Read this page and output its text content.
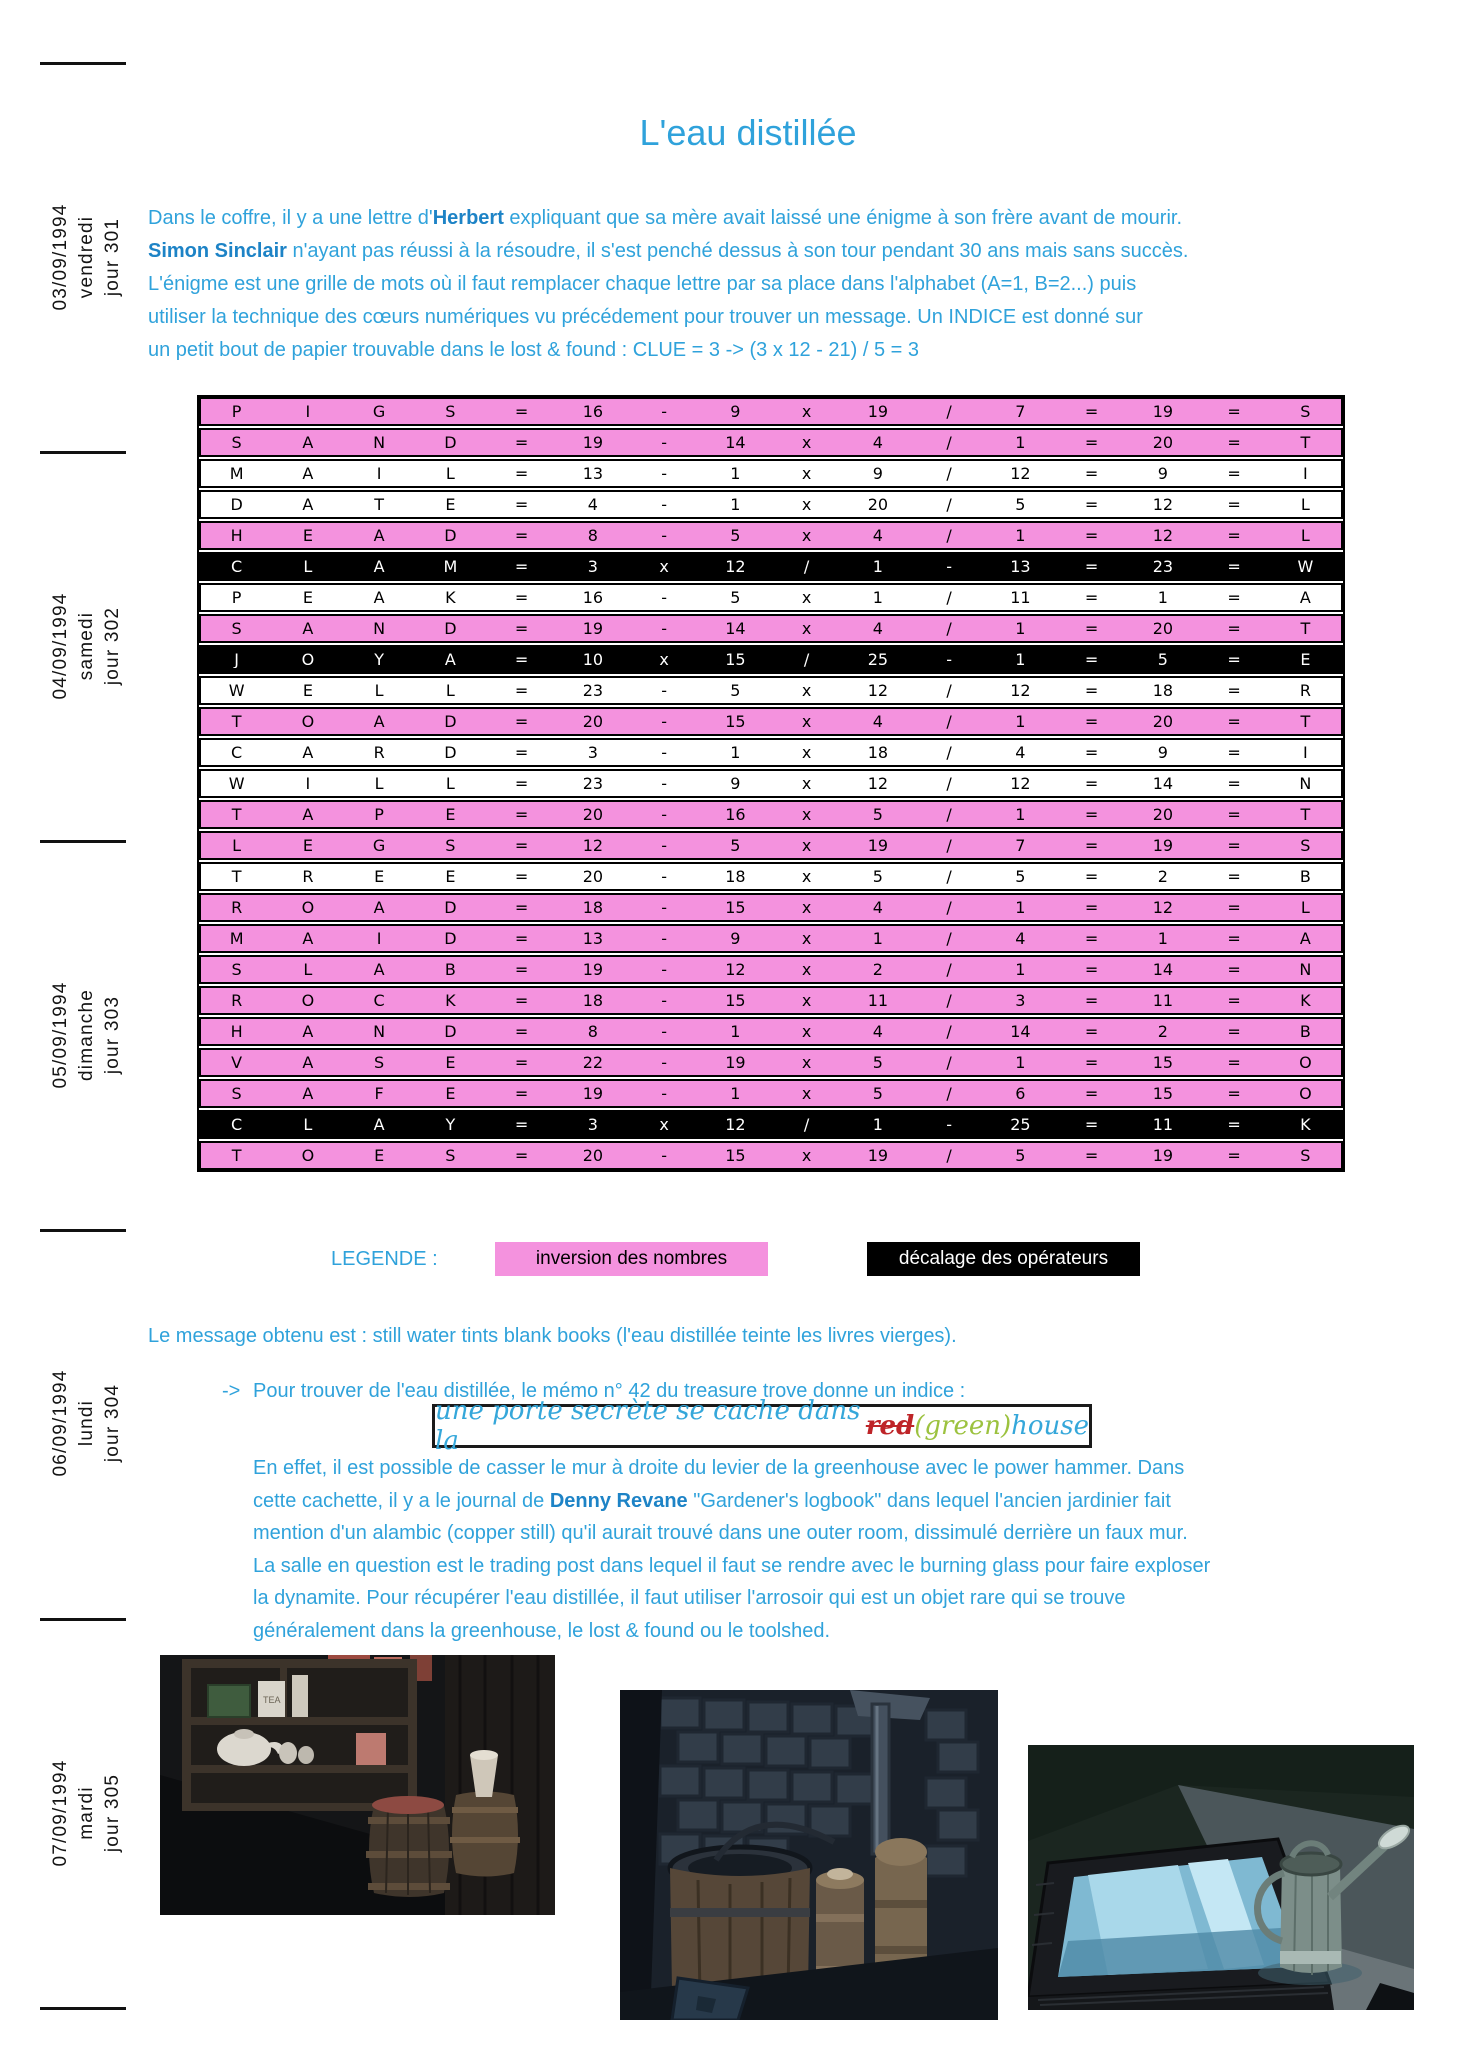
03/09/1994 vendredi jour 301
04/09/1994 samedi jour 302
05/09/1994 dimanche jour 303
06/09/1994 lundi jour 304
07/09/1994 mardi jour 305
L'eau distillée
Dans le coffre, il y a une lettre d'Herbert expliquant que sa mère avait laissé une énigme à son frère avant de mourir.
Simon Sinclair n'ayant pas réussi à la résoudre, il s'est penché dessus à son tour pendant 30 ans mais sans succès.
L'énigme est une grille de mots où il faut remplacer chaque lettre par sa place dans l'alphabet (A=1, B=2...) puis
utiliser la technique des cœurs numériques vu précédement pour trouver un message. Un INDICE est donné sur
un petit bout de papier trouvable dans le lost & found : CLUE = 3 -> (3 x 12 - 21) / 5 = 3
P	I	G	S	=	16	-	9	x	19	/	7	=	19	=	S
S	A	N	D	=	19	-	14	x	4	/	1	=	20	=	T
M	A	I	L	=	13	-	1	x	9	/	12	=	9	=	I
D	A	T	E	=	4	-	1	x	20	/	5	=	12	=	L
H	E	A	D	=	8	-	5	x	4	/	1	=	12	=	L
C	L	A	M	=	3	x	12	/	1	-	13	=	23	=	W
P	E	A	K	=	16	-	5	x	1	/	11	=	1	=	A
S	A	N	D	=	19	-	14	x	4	/	1	=	20	=	T
J	O	Y	A	=	10	x	15	/	25	-	1	=	5	=	E
W	E	L	L	=	23	-	5	x	12	/	12	=	18	=	R
T	O	A	D	=	20	-	15	x	4	/	1	=	20	=	T
C	A	R	D	=	3	-	1	x	18	/	4	=	9	=	I
W	I	L	L	=	23	-	9	x	12	/	12	=	14	=	N
T	A	P	E	=	20	-	16	x	5	/	1	=	20	=	T
L	E	G	S	=	12	-	5	x	19	/	7	=	19	=	S
T	R	E	E	=	20	-	18	x	5	/	5	=	2	=	B
R	O	A	D	=	18	-	15	x	4	/	1	=	12	=	L
M	A	I	D	=	13	-	9	x	1	/	4	=	1	=	A
S	L	A	B	=	19	-	12	x	2	/	1	=	14	=	N
R	O	C	K	=	18	-	15	x	11	/	3	=	11	=	K
H	A	N	D	=	8	-	1	x	4	/	14	=	2	=	B
V	A	S	E	=	22	-	19	x	5	/	1	=	15	=	O
S	A	F	E	=	19	-	1	x	5	/	6	=	15	=	O
C	L	A	Y	=	3	x	12	/	1	-	25	=	11	=	K
T	O	E	S	=	20	-	15	x	19	/	5	=	19	=	S
LEGENDE :	inversion des nombres	décalage des opérateurs
Le message obtenu est : still water tints blank books (l'eau distillée teinte les livres vierges).
-> Pour trouver de l'eau distillée, le mémo n° 42 du treasure trove donne un indice :
une porte secrète se cache dans la	red (green) house
En effet, il est possible de casser le mur à droite du levier de la greenhouse avec le power hammer. Dans
cette cachette, il y a le journal de Denny Revane "Gardener's logbook" dans lequel l'ancien jardinier fait
mention d'un alambic (copper still) qu'il aurait trouvé dans une outer room, dissimulé derrière un faux mur.
La salle en question est le trading post dans lequel il faut se rendre avec le burning glass pour faire exploser
la dynamite. Pour récupérer l'eau distillée, il faut utiliser l'arrosoir qui est un objet rare qui se trouve
généralement dans la greenhouse, le lost & found ou le toolshed.
TEA
